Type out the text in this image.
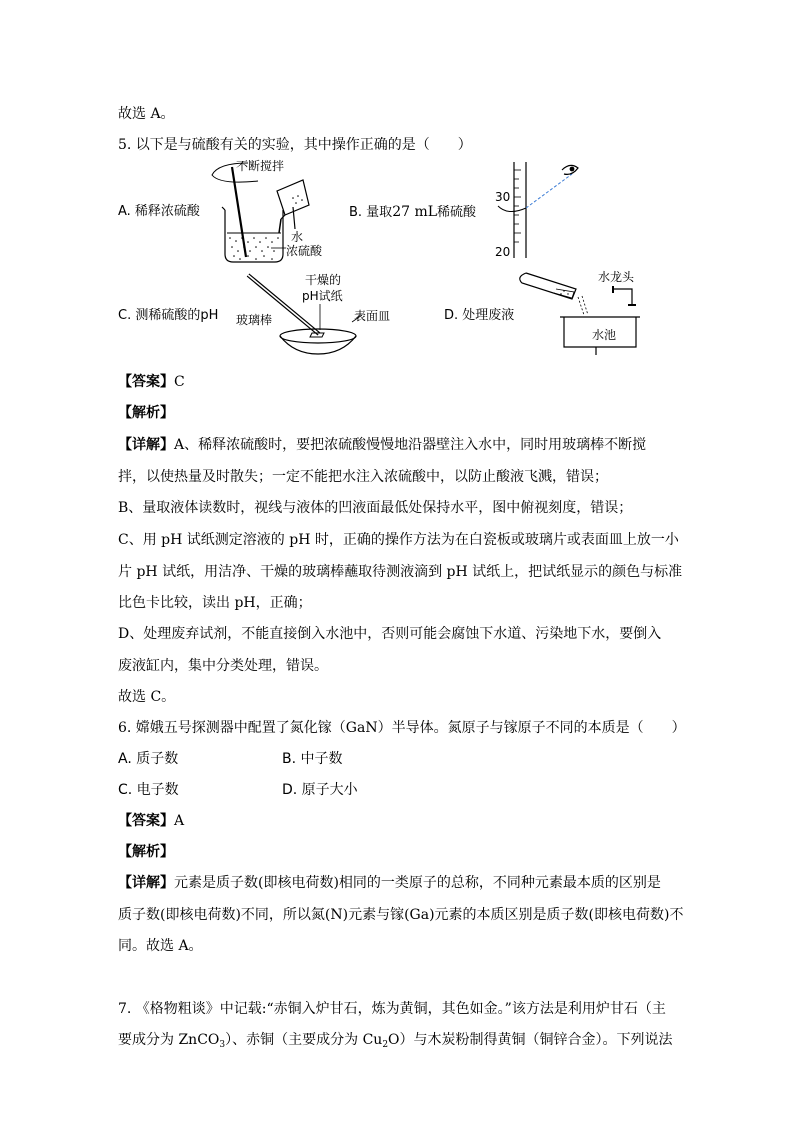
故选 A。
5. 以下是与硫酸有关的实验，其中操作正确的是（　　）
A. 稀释浓硫酸	B. 量取27 mL稀硫酸
C. 测稀硫酸的pH	D. 处理废液
不断搅拌
水
浓硫酸
30
20
干燥的
pH试纸
玻璃棒	表面皿
水龙头
水池
【答案】C
【解析】
【详解】A、稀释浓硫酸时，要把浓硫酸慢慢地沿器壁注入水中，同时用玻璃棒不断搅
拌，以使热量及时散失；一定不能把水注入浓硫酸中，以防止酸液飞溅，错误；
B、量取液体读数时，视线与液体的凹液面最低处保持水平，图中俯视刻度，错误；
C、用 pH 试纸测定溶液的 pH 时，正确的操作方法为在白瓷板或玻璃片或表面皿上放一小
片 pH 试纸，用洁净、干燥的玻璃棒蘸取待测液滴到 pH 试纸上，把试纸显示的颜色与标准
比色卡比较，读出 pH，正确；
D、处理废弃试剂，不能直接倒入水池中，否则可能会腐蚀下水道、污染地下水，要倒入
废液缸内，集中分类处理，错误。
故选 C。
6. 嫦娥五号探测器中配置了氮化镓（GaN）半导体。氮原子与镓原子不同的本质是（　　）
A. 质子数	B. 中子数
C. 电子数	D. 原子大小
【答案】A
【解析】
【详解】元素是质子数(即核电荷数)相同的一类原子的总称，不同种元素最本质的区别是
质子数(即核电荷数)不同，所以氮(N)元素与镓(Ga)元素的本质区别是质子数(即核电荷数)不
同。故选 A。
7. 《格物粗谈》中记载:“赤铜入炉甘石，炼为黄铜，其色如金。”该方法是利用炉甘石（主
要成分为 ZnCO$_3$）、赤铜（主要成分为 $Cu_2O$）与木炭粉制得黄铜（铜锌合金）。下列说法
